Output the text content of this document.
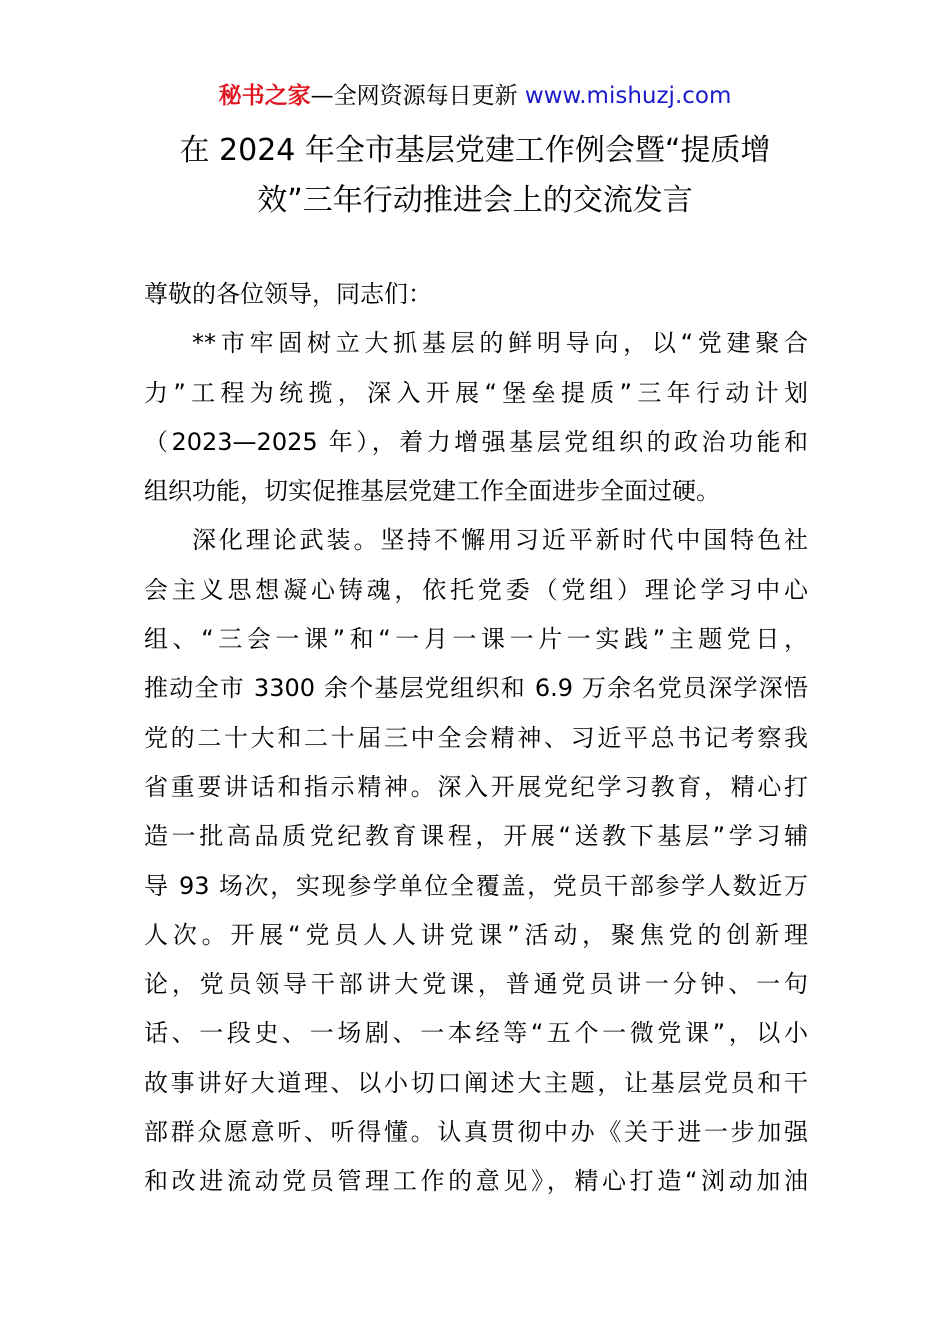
秘书之家—全网资源每日更新 www.mishuzj.com
在 2024 年全市基层党建工作例会暨“提质增
效”三年行动推进会上的交流发言
尊敬的各位领导，同志们：
**市牢固树立大抓基层的鲜明导向，以“党建聚合
力”工程为统揽，深入开展“堡垒提质”三年行动计划
（2023—2025 年），着力增强基层党组织的政治功能和
组织功能，切实促推基层党建工作全面进步全面过硬。
深化理论武装。坚持不懈用习近平新时代中国特色社
会主义思想凝心铸魂，依托党委（党组）理论学习中心
组、“三会一课”和“一月一课一片一实践”主题党日，
推动全市 3300 余个基层党组织和 6.9 万余名党员深学深悟
党的二十大和二十届三中全会精神、习近平总书记考察我
省重要讲话和指示精神。深入开展党纪学习教育，精心打
造一批高品质党纪教育课程，开展“送教下基层”学习辅
导 93 场次，实现参学单位全覆盖，党员干部参学人数近万
人次。开展“党员人人讲党课”活动，聚焦党的创新理
论，党员领导干部讲大党课，普通党员讲一分钟、一句
话、一段史、一场剧、一本经等“五个一微党课”，以小
故事讲好大道理、以小切口阐述大主题，让基层党员和干
部群众愿意听、听得懂。认真贯彻中办《关于进一步加强
和改进流动党员管理工作的意见》，精心打造“浏动加油
